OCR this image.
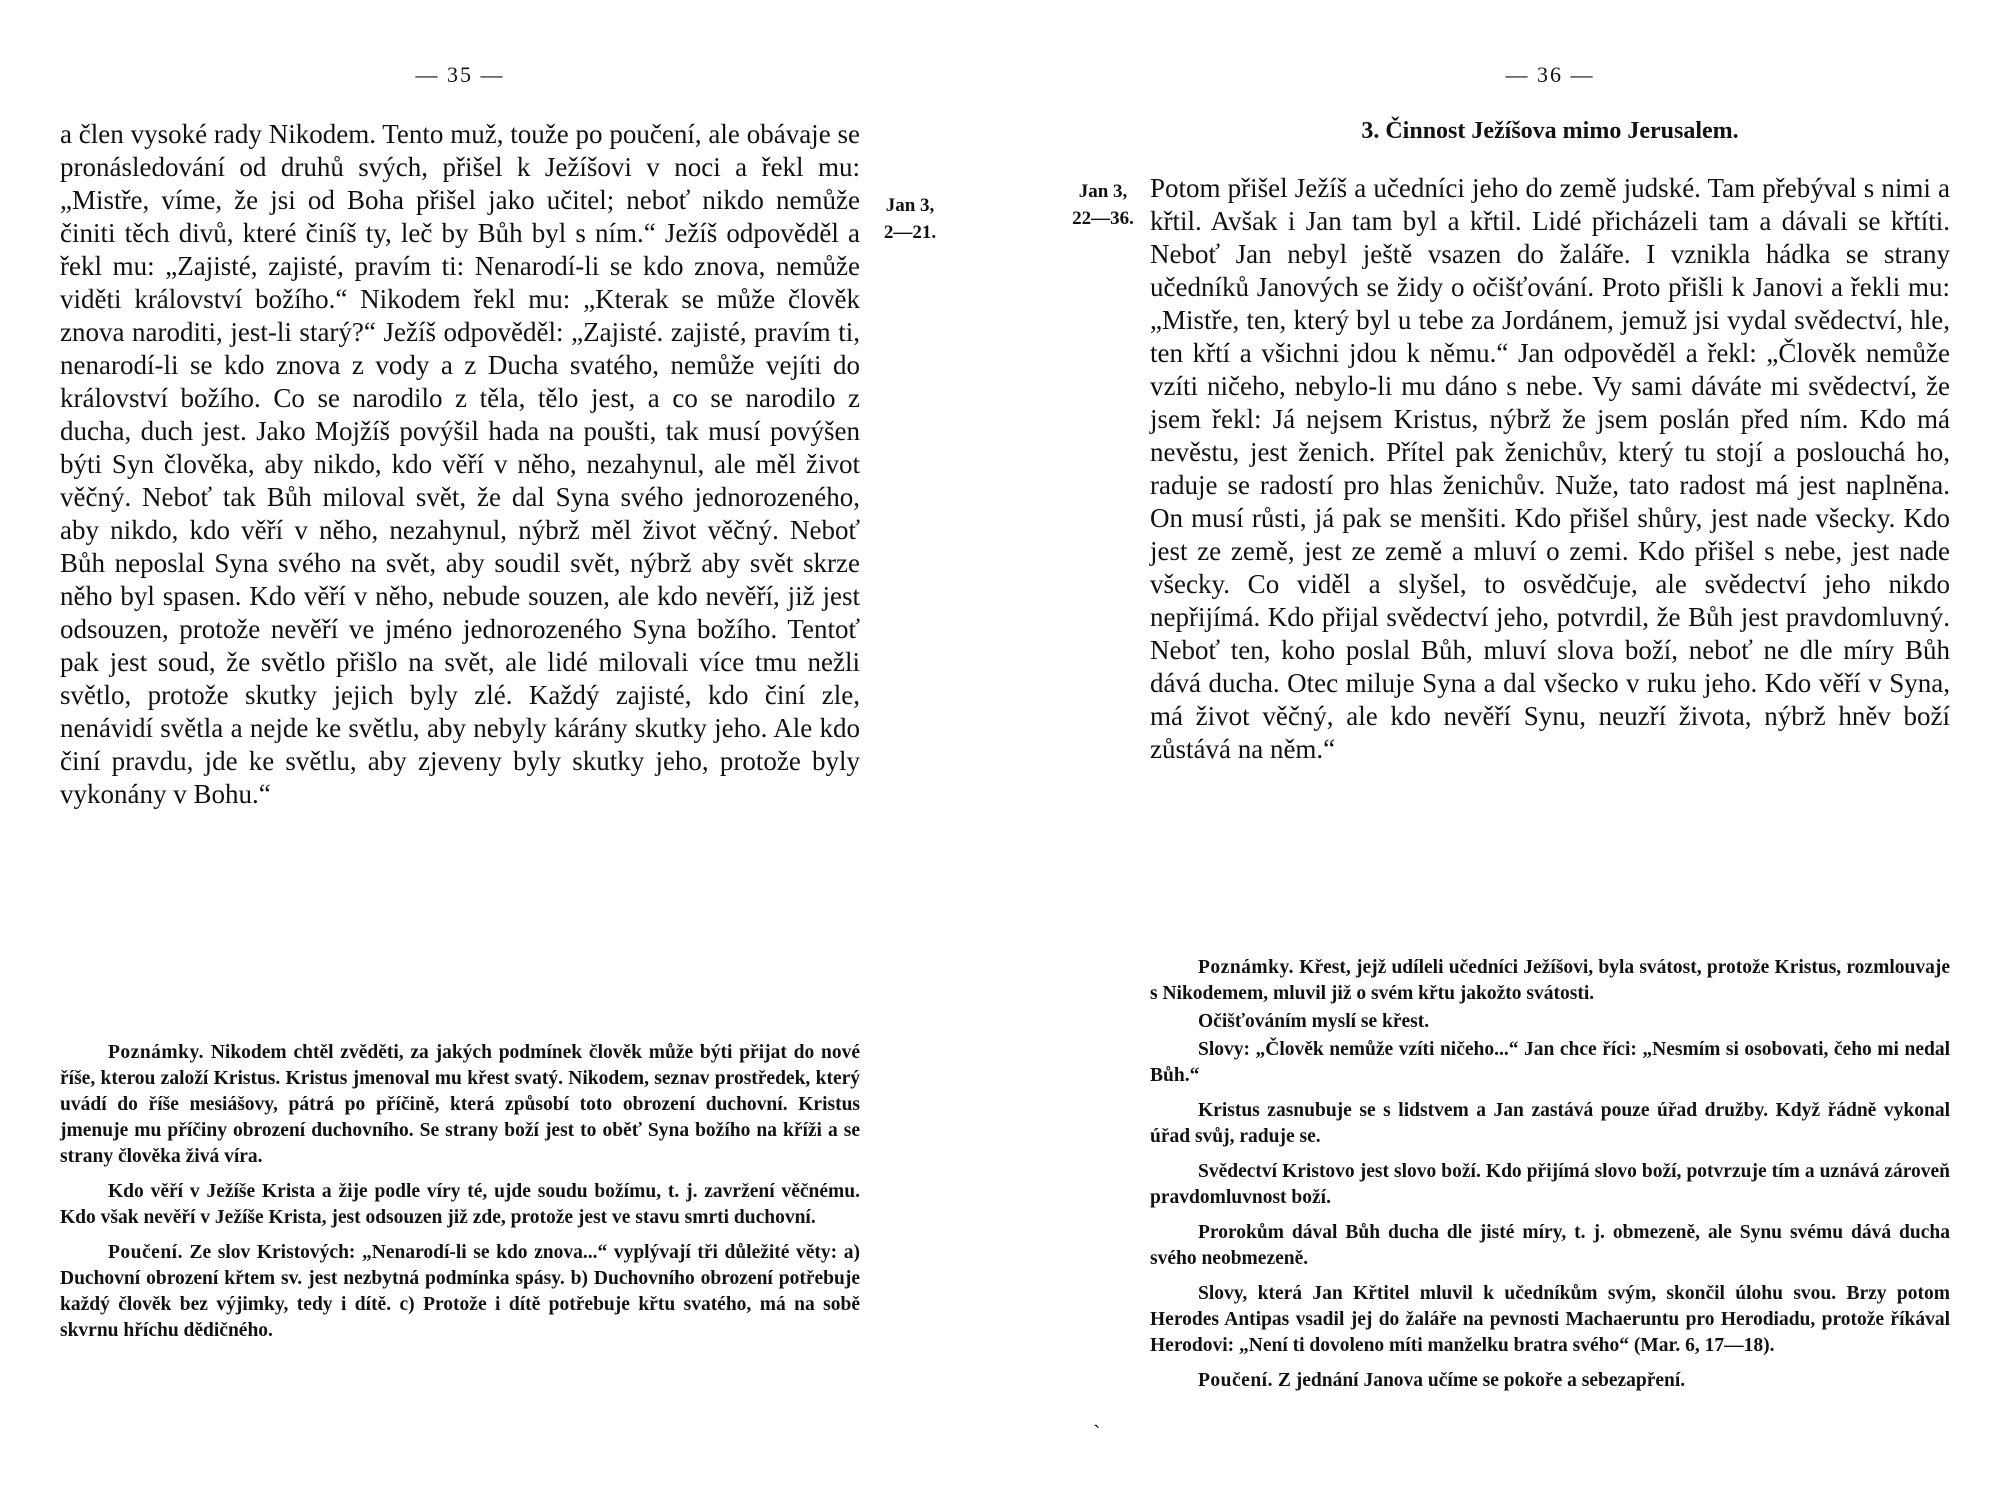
— 35 —

a člen vysoké rady Nikodem. Tento muž, touže po poučení, ale obávaje se pronásledování od druhů svých, přišel k Ježíšovi v noci a řekl mu: „Mistře, víme, že jsi od Boha přišel jako učitel; neboť nikdo nemůže činiti těch divů, které činíš ty, leč by Bůh byl s ním.“ Ježíš odpověděl a řekl mu: „Zajisté, zajisté, pravím ti: Nenarodí-li se kdo znova, nemůže viděti království božího.“ Nikodem řekl mu: „Kterak se může člověk znova naroditi, jest-li starý?“ Ježíš odpověděl: „Zajisté. zajisté, pravím ti, nenarodí-li se kdo znova z vody a z Ducha svatého, nemůže vejíti do království božího. Co se narodilo z těla, tělo jest, a co se narodilo z ducha, duch jest. Jako Mojžíš povýšil hada na poušti, tak musí povýšen býti Syn člověka, aby nikdo, kdo věří v něho, nezahynul, ale měl život věčný. Neboť tak Bůh miloval svět, že dal Syna svého jednorozeného, aby nikdo, kdo věří v něho, nezahynul, nýbrž měl život věčný. Neboť Bůh neposlal Syna svého na svět, aby soudil svět, nýbrž aby svět skrze něho byl spasen. Kdo věří v něho, nebude souzen, ale kdo nevěří, již jest odsouzen, protože nevěří ve jméno jednorozeného Syna božího. Tentoť pak jest soud, že světlo přišlo na svět, ale lidé milovali více tmu nežli světlo, protože skutky jejich byly zlé. Každý zajisté, kdo činí zle, nenávidí světla a nejde ke světlu, aby nebyly kárány skutky jeho. Ale kdo činí pravdu, jde ke světlu, aby zjeveny byly skutky jeho, protože byly vykonány v Bohu.“

Poznámky. Nikodem chtěl zvěděti, za jakých podmínek člověk může býti přijat do nové říše, kterou založí Kristus. Kristus jmenoval mu křest svatý. Nikodem, seznav prostředek, který uvádí do říše mesiášovy, pátrá po příčině, která způsobí toto obrození duchovní. Kristus jmenuje mu příčiny obrození duchovního. Se strany boží jest to oběť Syna božího na kříži a se strany člověka živá víra.

Kdo věří v Ježíše Krista a žije podle víry té, ujde soudu božímu, t. j. zavržení věčnému. Kdo však nevěří v Ježíše Krista, jest odsouzen již zde, protože jest ve stavu smrti duchovní.

Poučení. Ze slov Kristových: „Nenarodí-li se kdo znova...“ vyplývají tři důležité věty: a) Duchovní obrození křtem sv. jest nezbytná podmínka spásy. b) Duchovního obrození potřebuje každý člověk bez výjimky, tedy i dítě. c) Protože i dítě potřebuje křtu svatého, má na sobě skvrnu hříchu dědičného.

Jan 3,
2—21.
Jan 3,
22—36.
— 36 —
3. Činnost Ježíšova mimo Jerusalem.

Potom přišel Ježíš a učedníci jeho do země judské. Tam přebýval s nimi a křtil. Avšak i Jan tam byl a křtil. Lidé přicházeli tam a dávali se křtíti. Neboť Jan nebyl ještě vsazen do žaláře. I vznikla hádka se strany učedníků Janových se židy o očišťování. Proto přišli k Janovi a řekli mu: „Mistře, ten, který byl u tebe za Jordánem, jemuž jsi vydal svědectví, hle, ten křtí a všichni jdou k němu.“ Jan odpověděl a řekl: „Člověk nemůže vzíti ničeho, nebylo-li mu dáno s nebe. Vy sami dáváte mi svědectví, že jsem řekl: Já nejsem Kristus, nýbrž že jsem poslán před ním. Kdo má nevěstu, jest ženich. Přítel pak ženichův, který tu stojí a poslouchá ho, raduje se radostí pro hlas ženichův. Nuže, tato radost má jest naplněna. On musí růsti, já pak se menšiti. Kdo přišel shůry, jest nade všecky. Kdo jest ze země, jest ze země a mluví o zemi. Kdo přišel s nebe, jest nade všecky. Co viděl a slyšel, to osvědčuje, ale svědectví jeho nikdo nepřijímá. Kdo přijal svědectví jeho, potvrdil, že Bůh jest pravdomluvný. Neboť ten, koho poslal Bůh, mluví slova boží, neboť ne dle míry Bůh dává ducha. Otec miluje Syna a dal všecko v ruku jeho. Kdo věří v Syna, má život věčný, ale kdo nevěří Synu, neuzří života, nýbrž hněv boží zůstává na něm.“

Poznámky. Křest, jejž udíleli učedníci Ježíšovi, byla svátost, protože Kristus, rozmlouvaje s Nikodemem, mluvil již o svém křtu jakožto svátosti.

Očišťováním myslí se křest.

Slovy: „Člověk nemůže vzíti ničeho...“ Jan chce říci: „Nesmím si osobovati, čeho mi nedal Bůh.“

Kristus zasnubuje se s lidstvem a Jan zastává pouze úřad družby. Když řádně vykonal úřad svůj, raduje se.

Svědectví Kristovo jest slovo boží. Kdo přijímá slovo boží, potvrzuje tím a uznává zároveň pravdomluvnost boží.

Prorokům dával Bůh ducha dle jisté míry, t. j. obmezeně, ale Synu svému dává ducha svého neobmezeně.

Slovy, která Jan Křtitel mluvil k učedníkům svým, skončil úlohu svou. Brzy potom Herodes Antipas vsadil jej do žaláře na pevnosti Machaeruntu pro Herodiadu, protože říkával Herodovi: „Není ti dovoleno míti manželku bratra svého“ (Mar. 6, 17—18).

Poučení. Z jednání Janova učíme se pokoře a sebezapření.

`
